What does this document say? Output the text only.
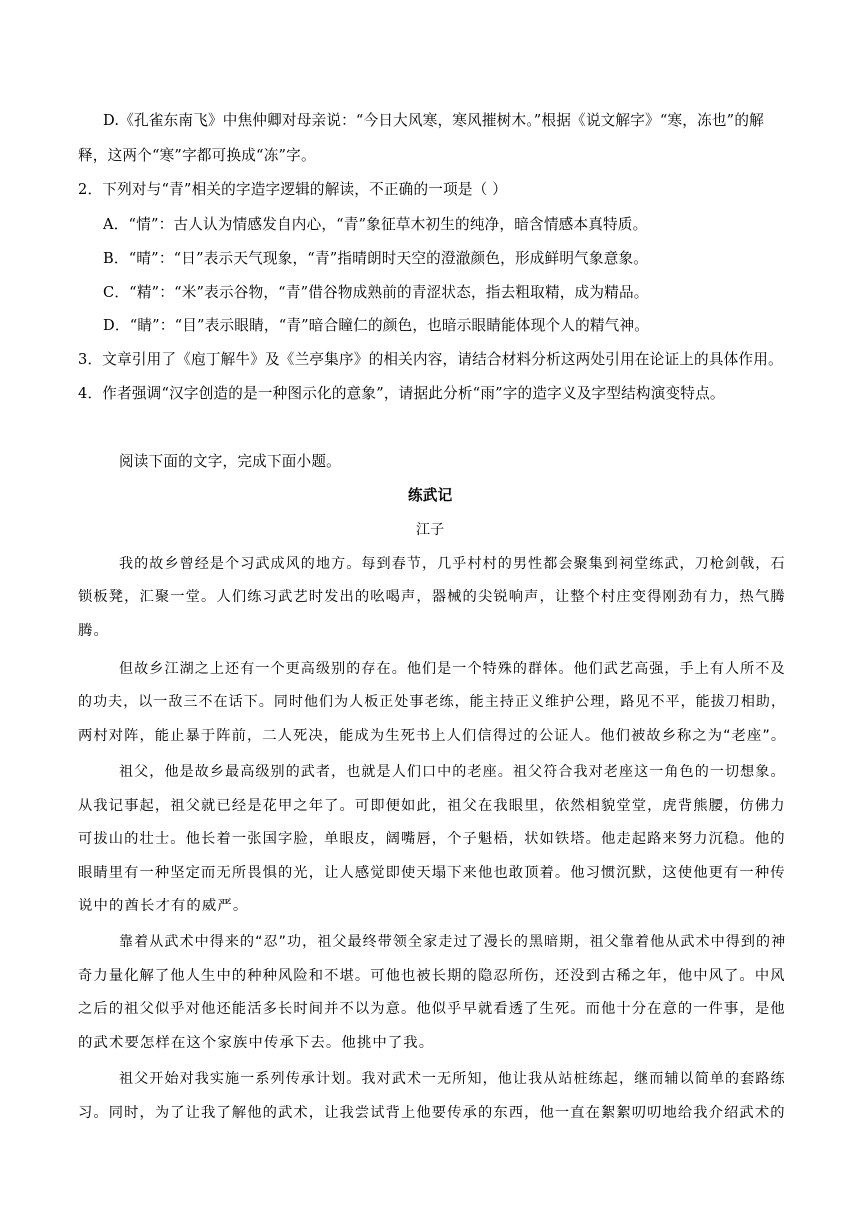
D.《孔雀东南飞》中焦仲卿对母亲说：“今日大风寒，寒风摧树木。”根据《说文解字》“寒，冻也”的解
释，这两个“寒”字都可换成“冻”字。
2．下列对与“青”相关的字造字逻辑的解读，不正确的一项是（ ）
A．“情”：古人认为情感发自内心，“青”象征草木初生的纯净，暗含情感本真特质。
B．“晴”：“日”表示天气现象，“青”指晴朗时天空的澄澈颜色，形成鲜明气象意象。
C．“精”：“米”表示谷物，“青”借谷物成熟前的青涩状态，指去粗取精，成为精品。
D．“睛”：“目”表示眼睛，“青”暗合瞳仁的颜色，也暗示眼睛能体现个人的精气神。
3．文章引用了《庖丁解牛》及《兰亭集序》的相关内容，请结合材料分析这两处引用在论证上的具体作用。
4．作者强调“汉字创造的是一种图示化的意象”，请据此分析“雨”字的造字义及字型结构演变特点。
阅读下面的文字，完成下面小题。
练武记
江子
我的故乡曾经是个习武成风的地方。每到春节，几乎村村的男性都会聚集到祠堂练武，刀枪剑戟，石
锁板凳，汇聚一堂。人们练习武艺时发出的吆喝声，器械的尖锐响声，让整个村庄变得刚劲有力，热气腾
腾。
但故乡江湖之上还有一个更高级别的存在。他们是一个特殊的群体。他们武艺高强，手上有人所不及
的功夫，以一敌三不在话下。同时他们为人板正处事老练，能主持正义维护公理，路见不平，能拔刀相助，
两村对阵，能止暴于阵前，二人死决，能成为生死书上人们信得过的公证人。他们被故乡称之为“老座”。
祖父，他是故乡最高级别的武者，也就是人们口中的老座。祖父符合我对老座这一角色的一切想象。
从我记事起，祖父就已经是花甲之年了。可即便如此，祖父在我眼里，依然相貌堂堂，虎背熊腰，仿佛力
可拔山的壮士。他长着一张国字脸，单眼皮，阔嘴唇，个子魁梧，状如铁塔。他走起路来努力沉稳。他的
眼睛里有一种坚定而无所畏惧的光，让人感觉即使天塌下来他也敢顶着。他习惯沉默，这使他更有一种传
说中的酋长才有的威严。
靠着从武术中得来的“忍”功，祖父最终带领全家走过了漫长的黑暗期，祖父靠着他从武术中得到的神
奇力量化解了他人生中的种种风险和不堪。可他也被长期的隐忍所伤，还没到古稀之年，他中风了。中风
之后的祖父似乎对他还能活多长时间并不以为意。他似乎早就看透了生死。而他十分在意的一件事，是他
的武术要怎样在这个家族中传承下去。他挑中了我。
祖父开始对我实施一系列传承计划。我对武术一无所知，他让我从站桩练起，继而辅以简单的套路练
习。同时，为了让我了解他的武术，让我尝试背上他要传承的东西，他一直在絮絮叨叨地给我介绍武术的
